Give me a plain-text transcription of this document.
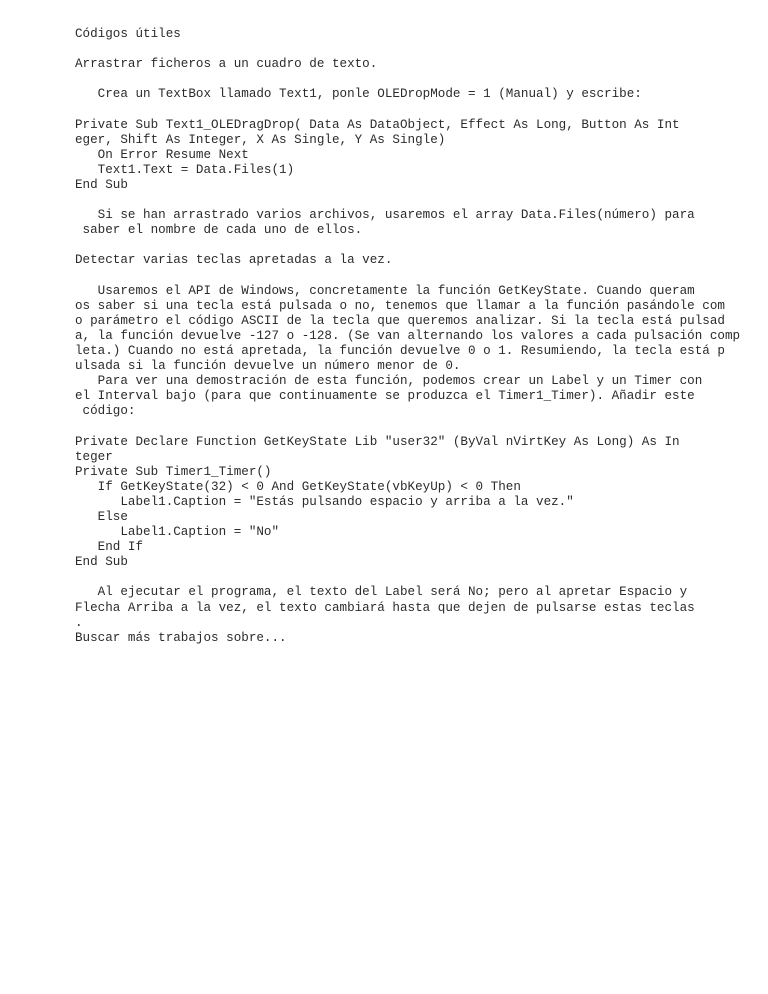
Códigos útiles
Arrastrar ficheros a un cuadro de texto.
Crea un TextBox llamado Text1, ponle OLEDropMode = 1 (Manual) y escribe:
Private Sub Text1_OLEDragDrop( Data As DataObject, Effect As Long, Button As Int
eger, Shift As Integer, X As Single, Y As Single)
On Error Resume Next
Text1.Text = Data.Files(1)
End Sub
Si se han arrastrado varios archivos, usaremos el array Data.Files(número) para
saber el nombre de cada uno de ellos.
Detectar varias teclas apretadas a la vez.
Usaremos el API de Windows, concretamente la función GetKeyState. Cuando queram
os saber si una tecla está pulsada o no, tenemos que llamar a la función pasándole com
o parámetro el código ASCII de la tecla que queremos analizar. Si la tecla está pulsad
a, la función devuelve -127 o -128. (Se van alternando los valores a cada pulsación comp
leta.) Cuando no está apretada, la función devuelve 0 o 1. Resumiendo, la tecla está p
ulsada si la función devuelve un número menor de 0.
Para ver una demostración de esta función, podemos crear un Label y un Timer con
el Interval bajo (para que continuamente se produzca el Timer1_Timer). Añadir este
código:
Private Declare Function GetKeyState Lib "user32" (ByVal nVirtKey As Long) As In
teger
Private Sub Timer1_Timer()
If GetKeyState(32) < 0 And GetKeyState(vbKeyUp) < 0 Then
Label1.Caption = "Estás pulsando espacio y arriba a la vez."
Else
Label1.Caption = "No"
End If
End Sub
Al ejecutar el programa, el texto del Label será No; pero al apretar Espacio y
Flecha Arriba a la vez, el texto cambiará hasta que dejen de pulsarse estas teclas
.
Buscar más trabajos sobre...
